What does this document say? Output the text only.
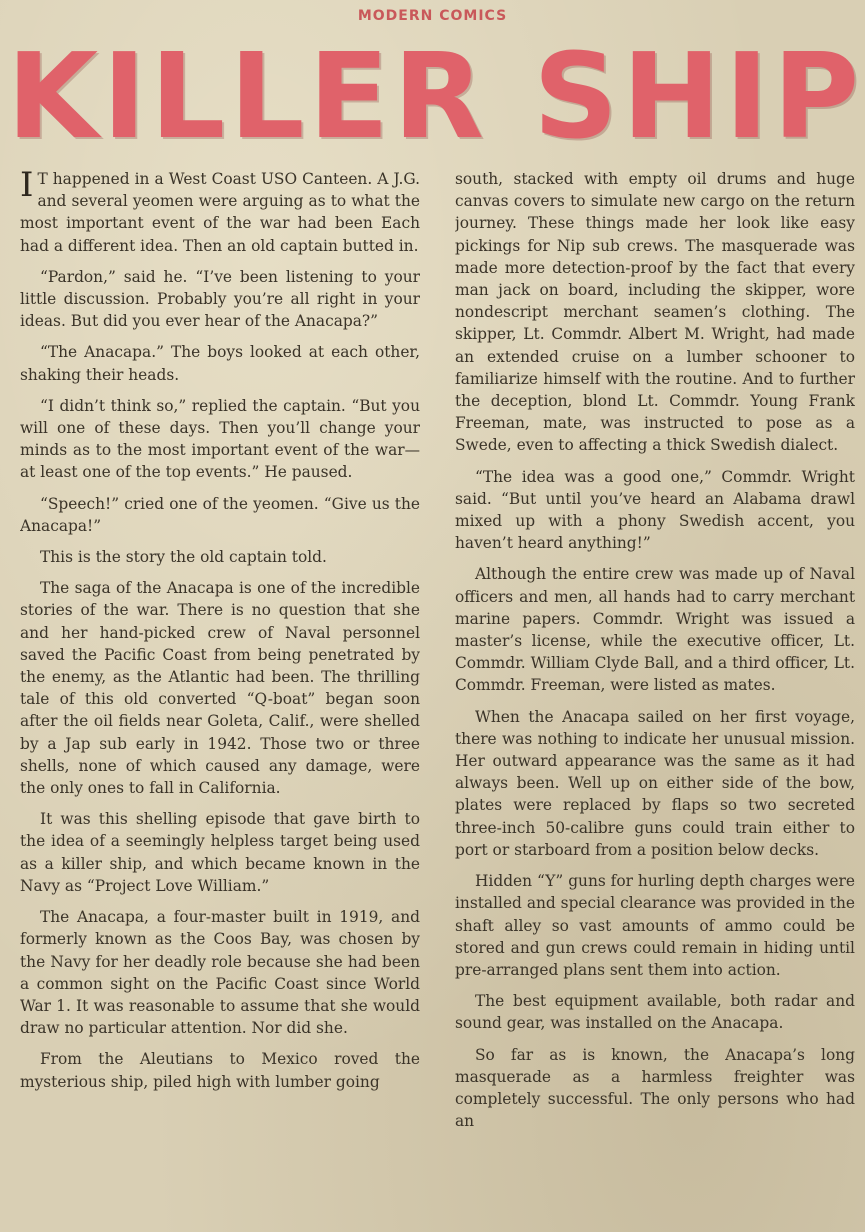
MODERN COMICS
KILLER SHIP

I T happened in a West Coast USO Canteen. A J.G. and several yeomen were arguing as to what the most important event of the war had been Each had a different idea. Then an old captain butted in.

“Pardon,” said he. “I’ve been listening to your little discussion. Probably you’re all right in your ideas. But did you ever hear of the Anacapa?”

“The Anacapa.” The boys looked at each other, shaking their heads.

“I didn’t think so,” replied the captain. “But you will one of these days. Then you’ll change your minds as to the most important event of the war—at least one of the top events.” He paused.

“Speech!” cried one of the yeomen. “Give us the Anacapa!”

This is the story the old captain told.

The saga of the Anacapa is one of the incredible stories of the war. There is no question that she and her hand-picked crew of Naval personnel saved the Pacific Coast from being penetrated by the enemy, as the Atlantic had been. The thrilling tale of this old converted “Q-boat” began soon after the oil fields near Goleta, Calif., were shelled by a Jap sub early in 1942. Those two or three shells, none of which caused any damage, were the only ones to fall in California.

It was this shelling episode that gave birth to the idea of a seemingly helpless target being used as a killer ship, and which became known in the Navy as “Project Love William.”

The Anacapa, a four-master built in 1919, and formerly known as the Coos Bay, was chosen by the Navy for her deadly role because she had been a common sight on the Pacific Coast since World War 1. It was reasonable to assume that she would draw no particular attention. Nor did she.

From the Aleutians to Mexico roved the mysterious ship, piled high with lumber going

south, stacked with empty oil drums and huge canvas covers to simulate new cargo on the return journey. These things made her look like easy pickings for Nip sub crews. The masquerade was made more detection-proof by the fact that every man jack on board, including the skipper, wore nondescript merchant seamen’s clothing. The skipper, Lt. Commdr. Albert M. Wright, had made an extended cruise on a lumber schooner to familiarize himself with the routine. And to further the deception, blond Lt. Commdr. Young Frank Freeman, mate, was instructed to pose as a Swede, even to affecting a thick Swedish dialect.

“The idea was a good one,” Commdr. Wright said. “But until you’ve heard an Alabama drawl mixed up with a phony Swedish accent, you haven’t heard anything!”

Although the entire crew was made up of Naval officers and men, all hands had to carry merchant marine papers. Commdr. Wright was issued a master’s license, while the executive officer, Lt. Commdr. William Clyde Ball, and a third officer, Lt. Commdr. Freeman, were listed as mates.

When the Anacapa sailed on her first voyage, there was nothing to indicate her unusual mission. Her outward appearance was the same as it had always been. Well up on either side of the bow, plates were replaced by flaps so two secreted three-inch 50-calibre guns could train either to port or starboard from a position below decks.

Hidden “Y” guns for hurling depth charges were installed and special clearance was provided in the shaft alley so vast amounts of ammo could be stored and gun crews could remain in hiding until pre-arranged plans sent them into action.

The best equipment available, both radar and sound gear, was installed on the Anacapa.

So far as is known, the Anacapa’s long masquerade as a harmless freighter was completely successful. The only persons who had an
